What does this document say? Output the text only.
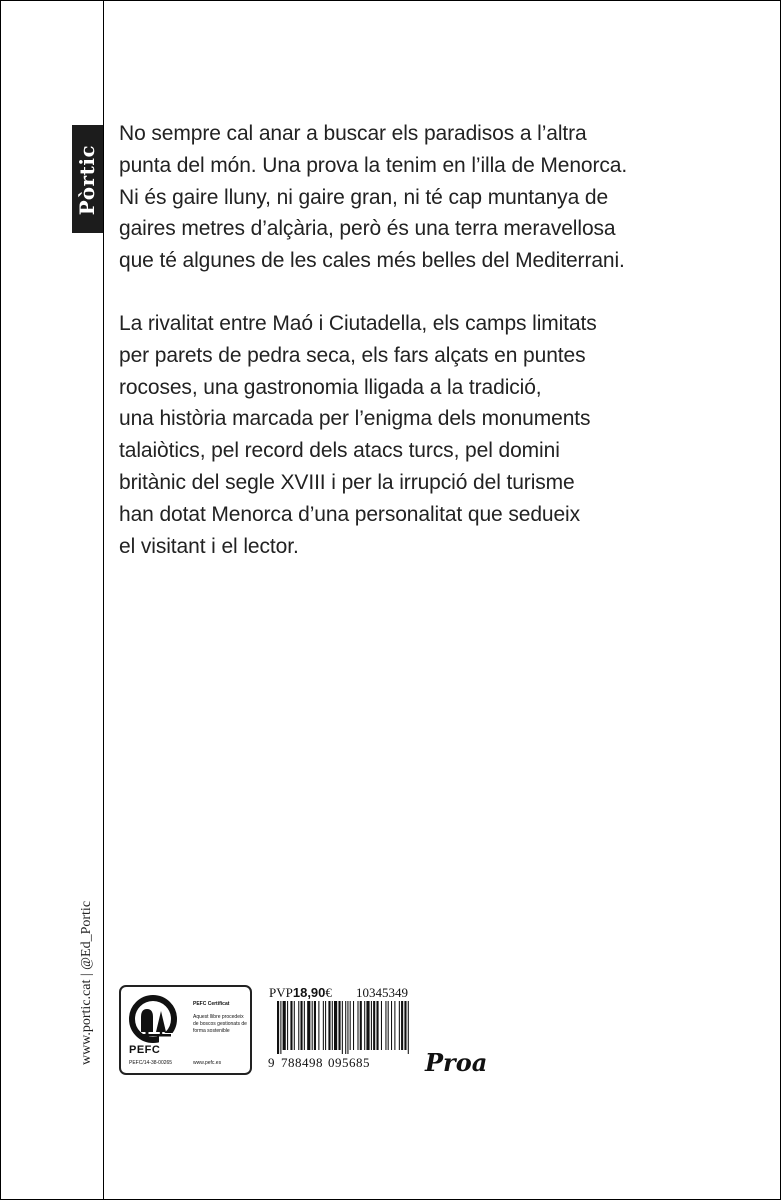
Pòrtic

No sempre cal anar a buscar els paradisos a l’altra
punta del món. Una prova la tenim en l’illa de Menorca.
Ni és gaire lluny, ni gaire gran, ni té cap muntanya de
gaires metres d’alçària, però és una terra meravellosa
que té algunes de les cales més belles del Mediterrani.

La rivalitat entre Maó i Ciutadella, els camps limitats
per parets de pedra seca, els fars alçats en puntes
rocoses, una gastronomia lligada a la tradició,
una història marcada per l’enigma dels monuments
talaiòtics, pel record dels atacs turcs, pel domini
britànic del segle XVIII i per la irrupció del turisme
han dotat Menorca d’una personalitat que sedueix
el visitant i el lector.

www.portic.cat | @Ed_Portic	PEFC
PEFC/14-38-00265
PEFC Certificat
Aquest llibre procedeix de boscos gestionats de forma sostenible
www.pefc.es
PVP18,90€ 10345349
9 788498 095685 Proa
